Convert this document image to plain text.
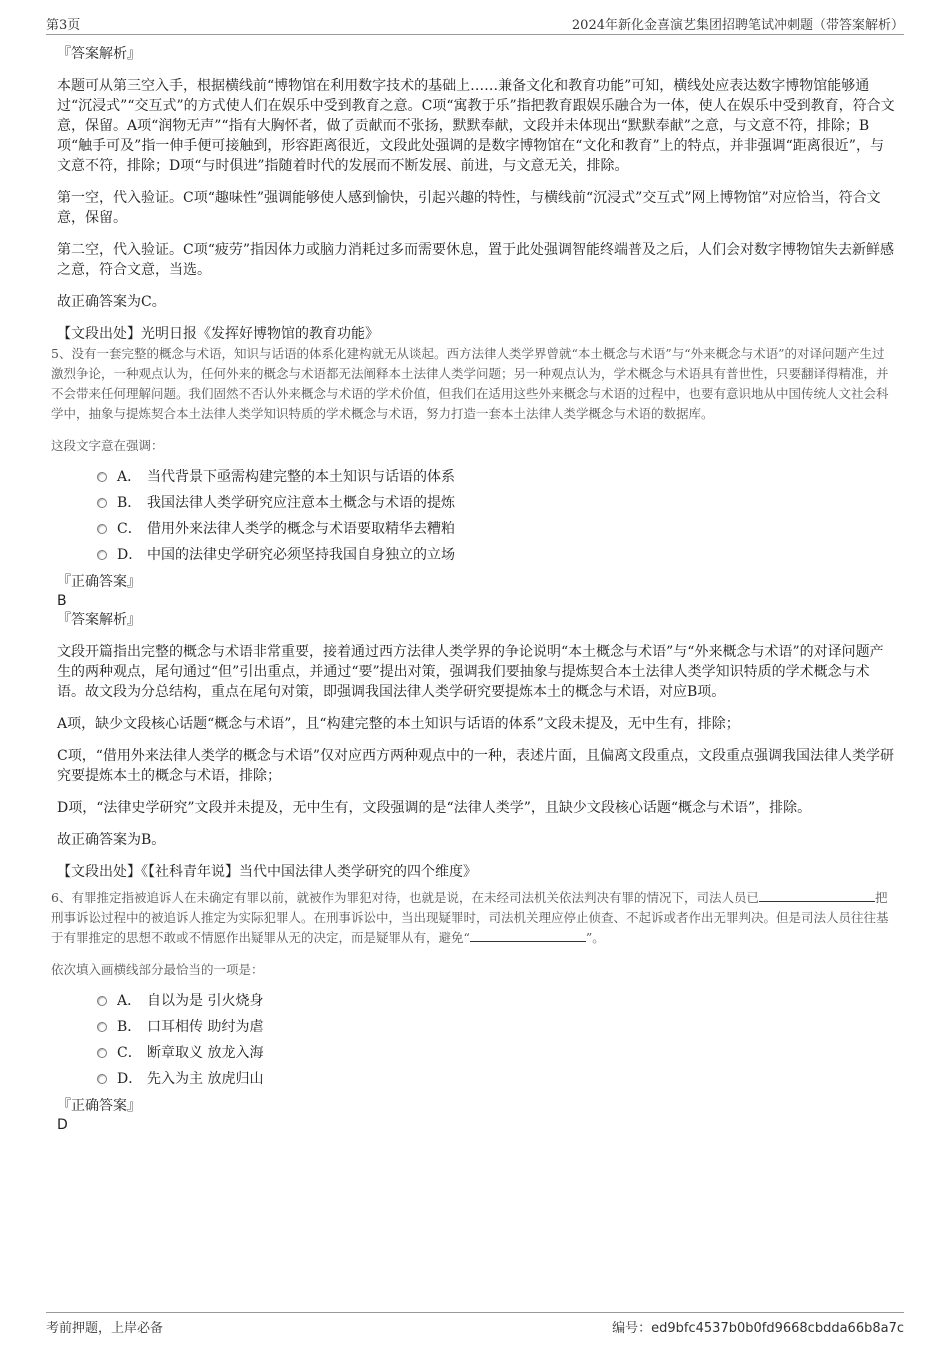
第3页	2024年新化金喜演艺集团招聘笔试冲刺题（带答案解析）

『答案解析』

本题可从第三空入手，根据横线前“博物馆在利用数字技术的基础上……兼备文化和教育功能”可知，横线处应表达数字博物馆能够通过“沉浸式”“交互式”的方式使人们在娱乐中受到教育之意。C项“寓教于乐”指把教育跟娱乐融合为一体，使人在娱乐中受到教育，符合文意，保留。A项“润物无声”“指有大胸怀者，做了贡献而不张扬，默默奉献，文段并未体现出“默默奉献”之意，与文意不符，排除；B项“触手可及”指一伸手便可接触到，形容距离很近，文段此处强调的是数字博物馆在“文化和教育”上的特点，并非强调“距离很近”，与文意不符，排除；D项“与时俱进”指随着时代的发展而不断发展、前进，与文意无关，排除。

第一空，代入验证。C项“趣味性”强调能够使人感到愉快，引起兴趣的特性，与横线前“沉浸式”交互式”网上博物馆”对应恰当，符合文意，保留。

第二空，代入验证。C项“疲劳”指因体力或脑力消耗过多而需要休息，置于此处强调智能终端普及之后，人们会对数字博物馆失去新鲜感之意，符合文意，当选。

故正确答案为C。

【文段出处】光明日报《发挥好博物馆的教育功能》

5、没有一套完整的概念与术语，知识与话语的体系化建构就无从谈起。西方法律人类学界曾就“本土概念与术语”与“外来概念与术语”的对译问题产生过激烈争论，一种观点认为，任何外来的概念与术语都无法阐释本土法律人类学问题；另一种观点认为，学术概念与术语具有普世性，只要翻译得精准，并不会带来任何理解问题。我们固然不否认外来概念与术语的学术价值，但我们在适用这些外来概念与术语的过程中，也要有意识地从中国传统人文社会科学中，抽象与提炼契合本土法律人类学知识特质的学术概念与术语，努力打造一套本土法律人类学概念与术语的数据库。

这段文字意在强调：

A． 当代背景下亟需构建完整的本土知识与话语的体系
B． 我国法律人类学研究应注意本土概念与术语的提炼
C． 借用外来法律人类学的概念与术语要取精华去糟粕
D． 中国的法律史学研究必须坚持我国自身独立的立场

『正确答案』

B

『答案解析』

文段开篇指出完整的概念与术语非常重要，接着通过西方法律人类学界的争论说明“本土概念与术语”与“外来概念与术语”的对译问题产生的两种观点，尾句通过“但”引出重点，并通过“要”提出对策，强调我们要抽象与提炼契合本土法律人类学知识特质的学术概念与术语。故文段为分总结构，重点在尾句对策，即强调我国法律人类学研究要提炼本土的概念与术语，对应B项。

A项，缺少文段核心话题“概念与术语”，且“构建完整的本土知识与话语的体系”文段未提及，无中生有，排除；

C项，“借用外来法律人类学的概念与术语”仅对应西方两种观点中的一种，表述片面，且偏离文段重点，文段重点强调我国法律人类学研究要提炼本土的概念与术语，排除；

D项，“法律史学研究”文段并未提及，无中生有，文段强调的是“法律人类学”，且缺少文段核心话题“概念与术语”，排除。

故正确答案为B。

【文段出处】《【社科青年说】当代中国法律人类学研究的四个维度》

6、有罪推定指被追诉人在未确定有罪以前，就被作为罪犯对待，也就是说，在未经司法机关依法判决有罪的情况下，司法人员已	把刑事诉讼过程中的被追诉人推定为实际犯罪人。在刑事诉讼中，当出现疑罪时，司法机关理应停止侦查、不起诉或者作出无罪判决。但是司法人员往往基于有罪推定的思想不敢或不情愿作出疑罪从无的决定，而是疑罪从有，避免“	”。

依次填入画横线部分最恰当的一项是：

A． 自以为是 引火烧身
B． 口耳相传 助纣为虐
C． 断章取义 放龙入海
D． 先入为主 放虎归山

『正确答案』

D

考前押题，上岸必备	编号：ed9bfc4537b0b0fd9668cbdda66b8a7c
